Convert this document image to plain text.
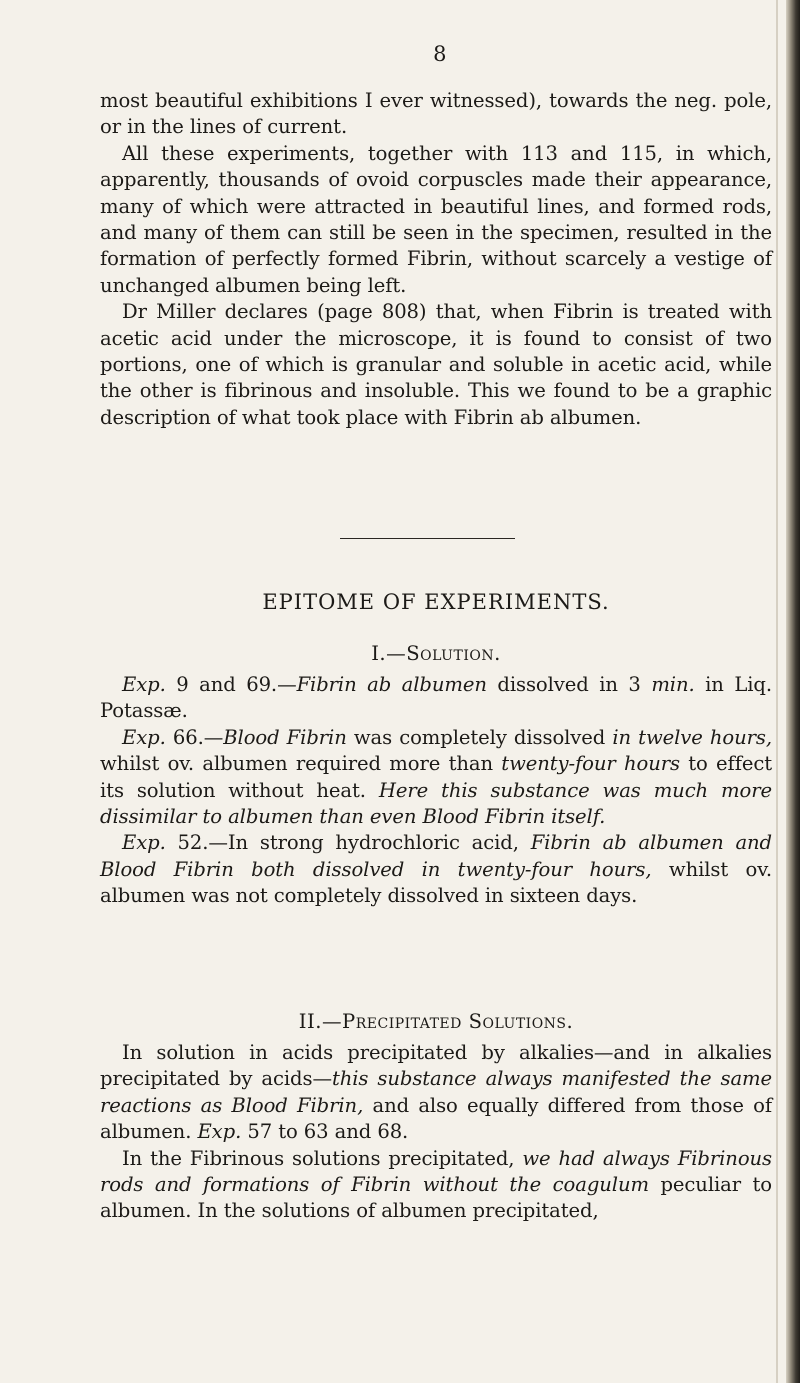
8

most beautiful exhibitions I ever witnessed), towards the neg. pole, or in the lines of current.

All these experiments, together with 113 and 115, in which, apparently, thousands of ovoid corpuscles made their appearance, many of which were attracted in beautiful lines, and formed rods, and many of them can still be seen in the specimen, resulted in the formation of perfectly formed Fibrin, without scarcely a vestige of unchanged albumen being left.

Dr Miller declares (page 808) that, when Fibrin is treated with acetic acid under the microscope, it is found to consist of two portions, one of which is granular and soluble in acetic acid, while the other is fibrinous and insoluble. This we found to be a graphic description of what took place with Fibrin ab albumen.

EPITOME OF EXPERIMENTS.
I.—Solution.

Exp. 9 and 69.—Fibrin ab albumen dissolved in 3 min. in Liq. Potassæ.

Exp. 66.—Blood Fibrin was completely dissolved in twelve hours, whilst ov. albumen required more than twenty-four hours to effect its solution without heat. Here this substance was much more dissimilar to albumen than even Blood Fibrin itself.

Exp. 52.—In strong hydrochloric acid, Fibrin ab albumen and Blood Fibrin both dissolved in twenty-four hours, whilst ov. albumen was not completely dissolved in sixteen days.

II.—Precipitated Solutions.

In solution in acids precipitated by alkalies—and in alkalies precipitated by acids—this substance always manifested the same reactions as Blood Fibrin, and also equally differed from those of albumen. Exp. 57 to 63 and 68.

In the Fibrinous solutions precipitated, we had always Fibrinous rods and formations of Fibrin without the coagulum peculiar to albumen. In the solutions of albumen precipitated,
